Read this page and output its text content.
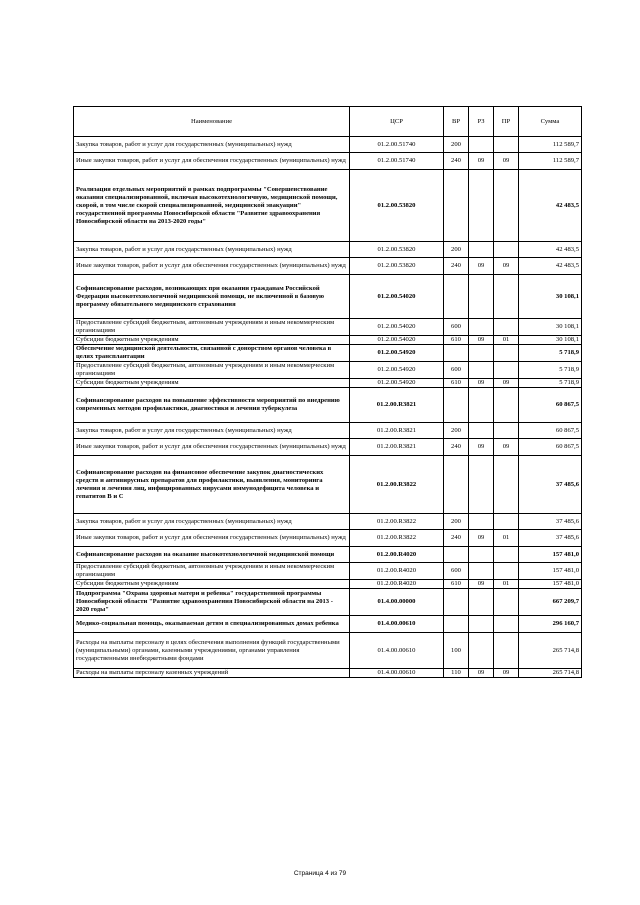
Наименование	ЦСР	ВР	РЗ	ПР	Сумма
Закупка товаров, работ и услуг для государственных (муниципальных) нужд	01.2.00.51740	200			112 589,7
Иные закупки товаров, работ и услуг для обеспечения государственных (муниципальных) нужд	01.2.00.51740	240	09	09	112 589,7
Реализация отдельных мероприятий в рамках подпрограммы "Совершенствование оказания специализированной, включая высокотехнологичную, медицинской помощи, скорой, в том числе скорой специализированной, медицинской эвакуации" государственной программы Новосибирской области "Развитие здравоохранения Новосибирской области на 2013-2020 годы"	01.2.00.53820				42 483,5
Закупка товаров, работ и услуг для государственных (муниципальных) нужд	01.2.00.53820	200			42 483,5
Иные закупки товаров, работ и услуг для обеспечения государственных (муниципальных) нужд	01.2.00.53820	240	09	09	42 483,5
Софинансирование расходов, возникающих при оказании гражданам Российской Федерации высокотехнологичной медицинской помощи, не включенной в базовую программу обязательного медицинского страхования	01.2.00.54020				30 108,1
Предоставление субсидий бюджетным, автономным учреждениям и иным некоммерческим организациям	01.2.00.54020	600			30 108,1
Субсидии бюджетным учреждениям	01.2.00.54020	610	09	01	30 108,1
Обеспечение медицинской деятельности, связанной с донорством органов человека в целях трансплантации	01.2.00.54920				5 718,9
Предоставление субсидий бюджетным, автономным учреждениям и иным некоммерческим организациям	01.2.00.54920	600			5 718,9
Субсидии бюджетным учреждениям	01.2.00.54920	610	09	09	5 718,9
Софинансирование расходов на повышение эффективности мероприятий по внедрению современных методов профилактики, диагностики и лечения туберкулеза	01.2.00.R3821				60 867,5
Закупка товаров, работ и услуг для государственных (муниципальных) нужд	01.2.00.R3821	200			60 867,5
Иные закупки товаров, работ и услуг для обеспечения государственных (муниципальных) нужд	01.2.00.R3821	240	09	09	60 867,5
Софинансирование расходов на финансовое обеспечение закупок диагностических средств и антивирусных препаратов для профилактики, выявления, мониторинга лечения и лечения лиц, инфицированных вирусами иммунодефицита человека и гепатитов В и С	01.2.00.R3822				37 485,6
Закупка товаров, работ и услуг для государственных (муниципальных) нужд	01.2.00.R3822	200			37 485,6
Иные закупки товаров, работ и услуг для обеспечения государственных (муниципальных) нужд	01.2.00.R3822	240	09	01	37 485,6
Софинансирование расходов на оказание высокотехнологичной медицинской помощи	01.2.00.R4020				157 481,0
Предоставление субсидий бюджетным, автономным учреждениям и иным некоммерческим организациям	01.2.00.R4020	600			157 481,0
Субсидии бюджетным учреждениям	01.2.00.R4020	610	09	01	157 481,0
Подпрограмма "Охрана здоровья матери и ребенка" государственной программы Новосибирской области "Развитие здравоохранения Новосибирской области на 2013 - 2020 годы"	01.4.00.00000				667 209,7
Медико-социальная помощь, оказываемая детям в специализированных домах ребенка	01.4.00.00610				296 160,7
Расходы на выплаты персоналу в целях обеспечения выполнения функций государственными (муниципальными) органами, казенными учреждениями, органами управления государственными внебюджетными фондами	01.4.00.00610	100			265 714,8
Расходы на выплаты персоналу казенных учреждений	01.4.00.00610	110	09	09	265 714,8
Страница 4 из 79
